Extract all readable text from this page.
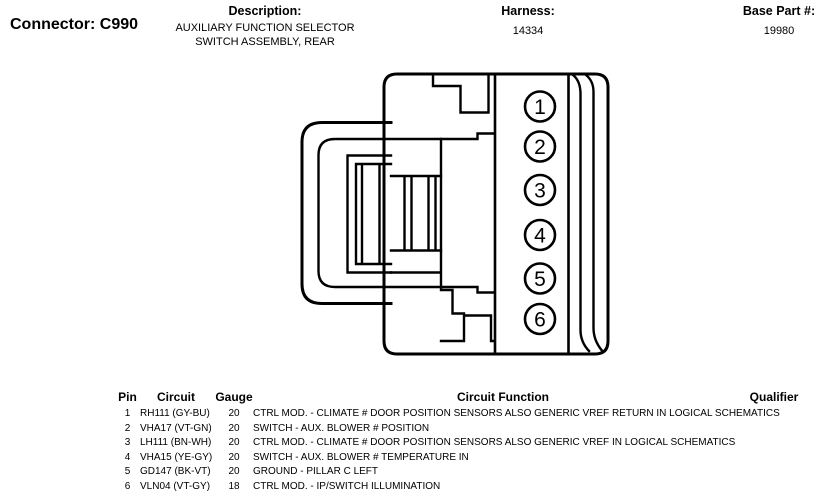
Connector: C990
Description:
AUXILIARY FUNCTION SELECTOR
SWITCH ASSEMBLY, REAR
Harness:
14334
Base Part #:
19980
1
2
3
4
5
6
Pin	Circuit	Gauge	Circuit Function	Qualifier
1 RH111 (GY-BU)	20	CTRL MOD. - CLIMATE # DOOR POSITION SENSORS ALSO GENERIC VREF RETURN IN LOGICAL SCHEMATICS
2 VHA17 (VT-GN)	20	SWITCH - AUX. BLOWER # POSITION
3 LH111 (BN-WH)	20	CTRL MOD. - CLIMATE # DOOR POSITION SENSORS ALSO GENERIC VREF IN LOGICAL SCHEMATICS
4 VHA15 (YE-GY)	20	SWITCH - AUX. BLOWER # TEMPERATURE IN
5 GD147 (BK-VT)	20	GROUND - PILLAR C LEFT
6 VLN04 (VT-GY)	18	CTRL MOD. - IP/SWITCH ILLUMINATION
